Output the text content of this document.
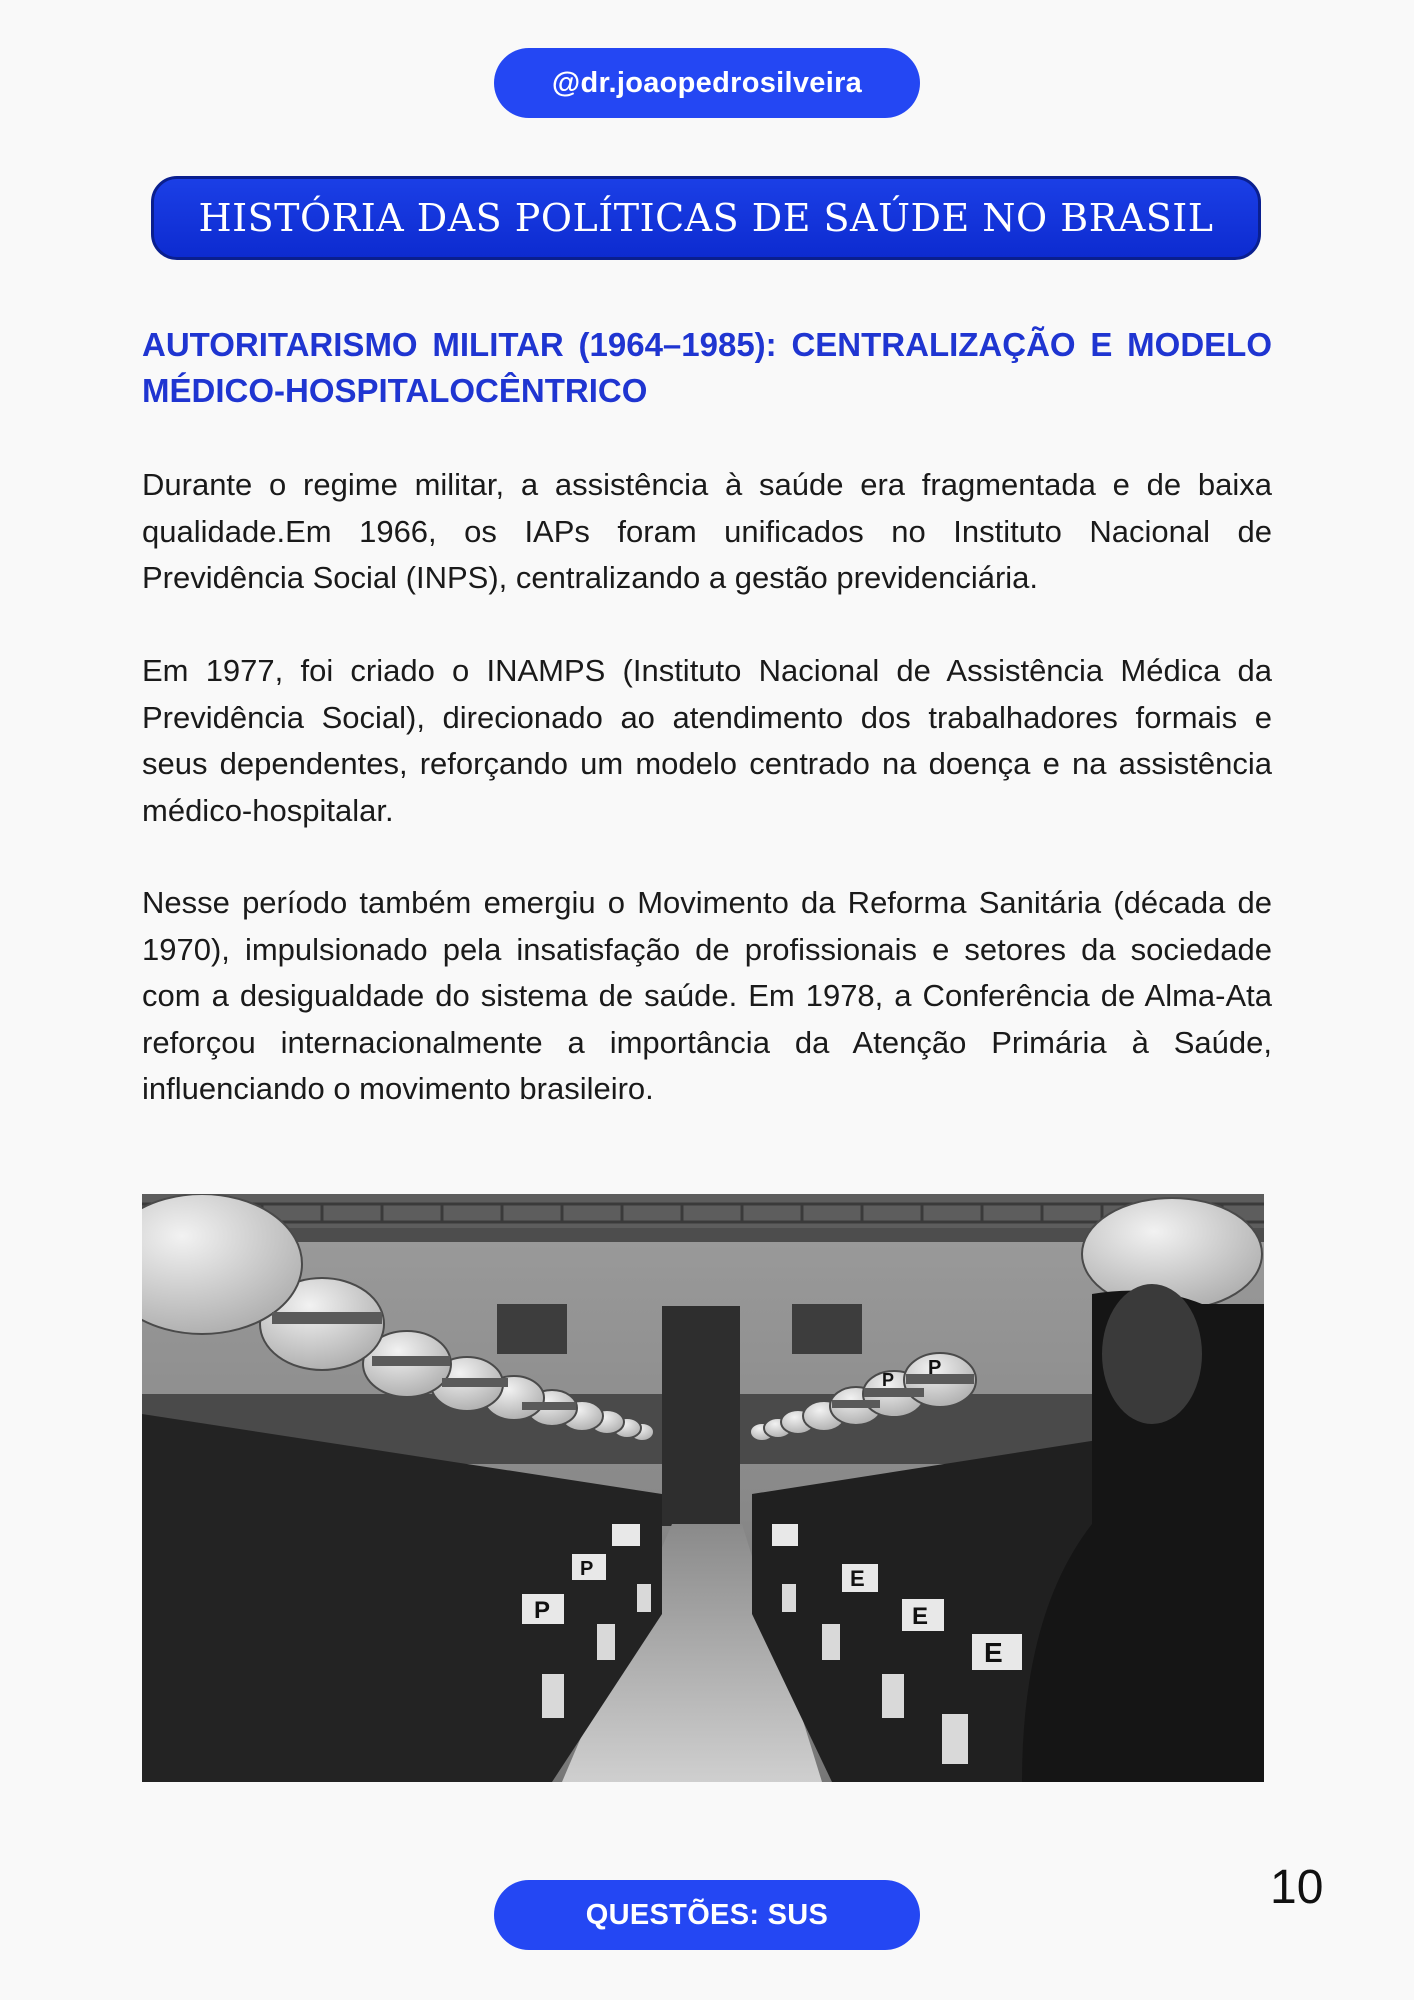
@dr.joaopedrosilveira
HISTÓRIA DAS POLÍTICAS DE SAÚDE NO BRASIL
AUTORITARISMO MILITAR (1964–1985): CENTRALIZAÇÃO E MODELO MÉDICO-HOSPITALOCÊNTRICO

Durante o regime militar, a assistência à saúde era fragmentada e de baixa qualidade.Em 1966, os IAPs foram unificados no Instituto Nacional de Previdência Social (INPS), centralizando a gestão previdenciária.

Em 1977, foi criado o INAMPS (Instituto Nacional de Assistência Médica da Previdência Social), direcionado ao atendimento dos trabalhadores formais e seus dependentes, reforçando um modelo centrado na doença e na assistência médico-hospitalar.

Nesse período também emergiu o Movimento da Reforma Sanitária (década de 1970), impulsionado pela insatisfação de profissionais e setores da sociedade com a desigualdade do sistema de saúde. Em 1978, a Conferência de Alma-Ata reforçou internacionalmente a importância da Atenção Primária à Saúde, influenciando o movimento brasileiro.

P
P
P
P
E
E
E
10
QUESTÕES: SUS
